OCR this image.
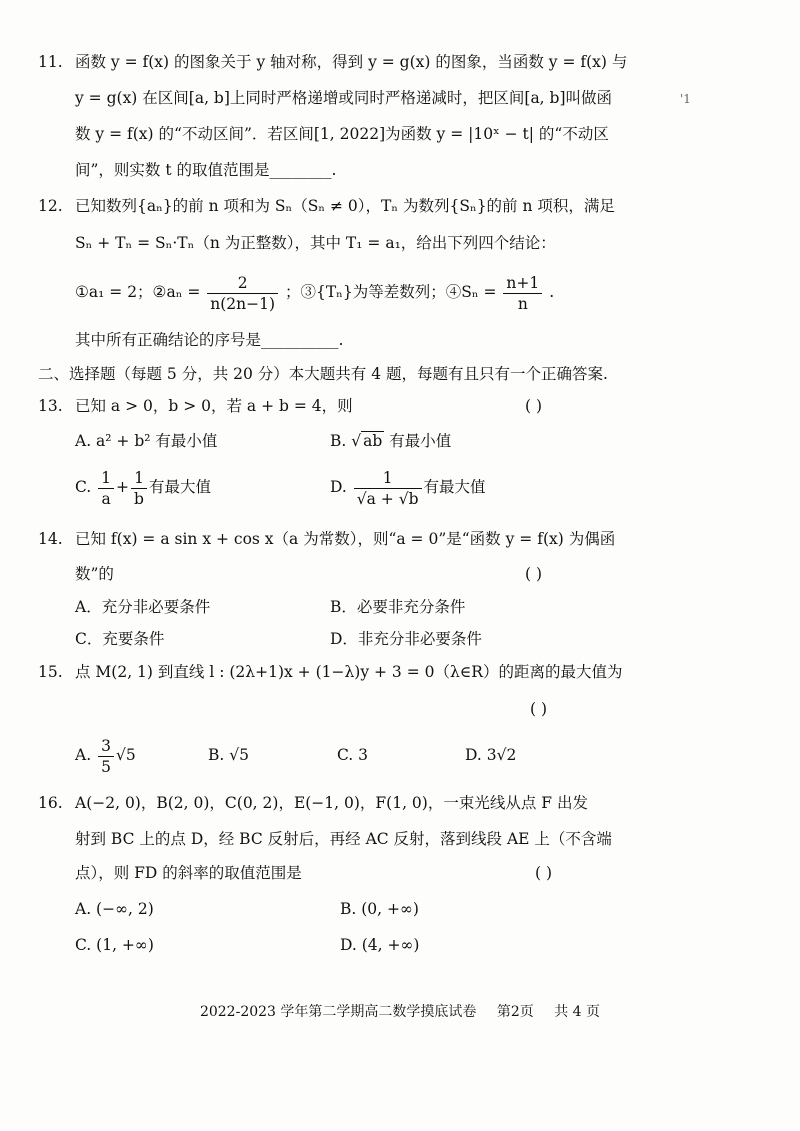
11. 函数 y = f(x) 的图象关于 y 轴对称，得到 y = g(x) 的图象，当函数 y = f(x) 与
y = g(x) 在区间[a, b]上同时严格递增或同时严格递减时，把区间[a, b]叫做函
数 y = f(x) 的“不动区间”．若区间[1, 2022]为函数 y = |10ˣ − t| 的“不动区
间”，则实数 t 的取值范围是________.
'1
12. 已知数列{aₙ}的前 n 项和为 Sₙ（Sₙ ≠ 0），Tₙ 为数列{Sₙ}的前 n 项积，满足
Sₙ + Tₙ = Sₙ·Tₙ（n 为正整数），其中 T₁ = a₁，给出下列四个结论：
①a₁ = 2；②aₙ = $\frac{2}{n(2n-1)}$ ；③{Tₙ}为等差数列；④Sₙ = $\frac{n+1}{n}$ .
其中所有正确结论的序号是__________.
二、选择题（每题 5 分，共 20 分）本大题共有 4 题，每题有且只有一个正确答案.
13. 已知 a > 0，b > 0，若 a + b = 4，则	( )
A. a² + b² 有最小值	B. √ ab 有最小值
C. $\frac{1}{a} + \frac{1}{b}$ 有最大值	D. $\frac{1}{√a + √b}$ 有最大值
14. 已知 f(x) = a sin x + cos x（a 为常数），则“a = 0”是“函数 y = f(x) 为偶函
数”的	( )
A．充分非必要条件	B．必要非充分条件
C．充要条件	D．非充分非必要条件
15. 点 M(2, 1) 到直线 l : (2λ+1)x + (1−λ)y + 3 = 0（λ∈R）的距离的最大值为
( )
A. $\frac{3}{5} √5$	B. √5	C. 3	D. 3√2
16. A(−2, 0)，B(2, 0)，C(0, 2)，E(−1, 0)，F(1, 0)，一束光线从点 F 出发
射到 BC 上的点 D，经 BC 反射后，再经 AC 反射，落到线段 AE 上（不含端
点），则 FD 的斜率的取值范围是	( )
A. (−∞, 2)	B. (0, +∞)
C. (1, +∞)	D. (4, +∞)
2022-2023 学年第二学期高二数学摸底试卷 第2页 共 4 页
